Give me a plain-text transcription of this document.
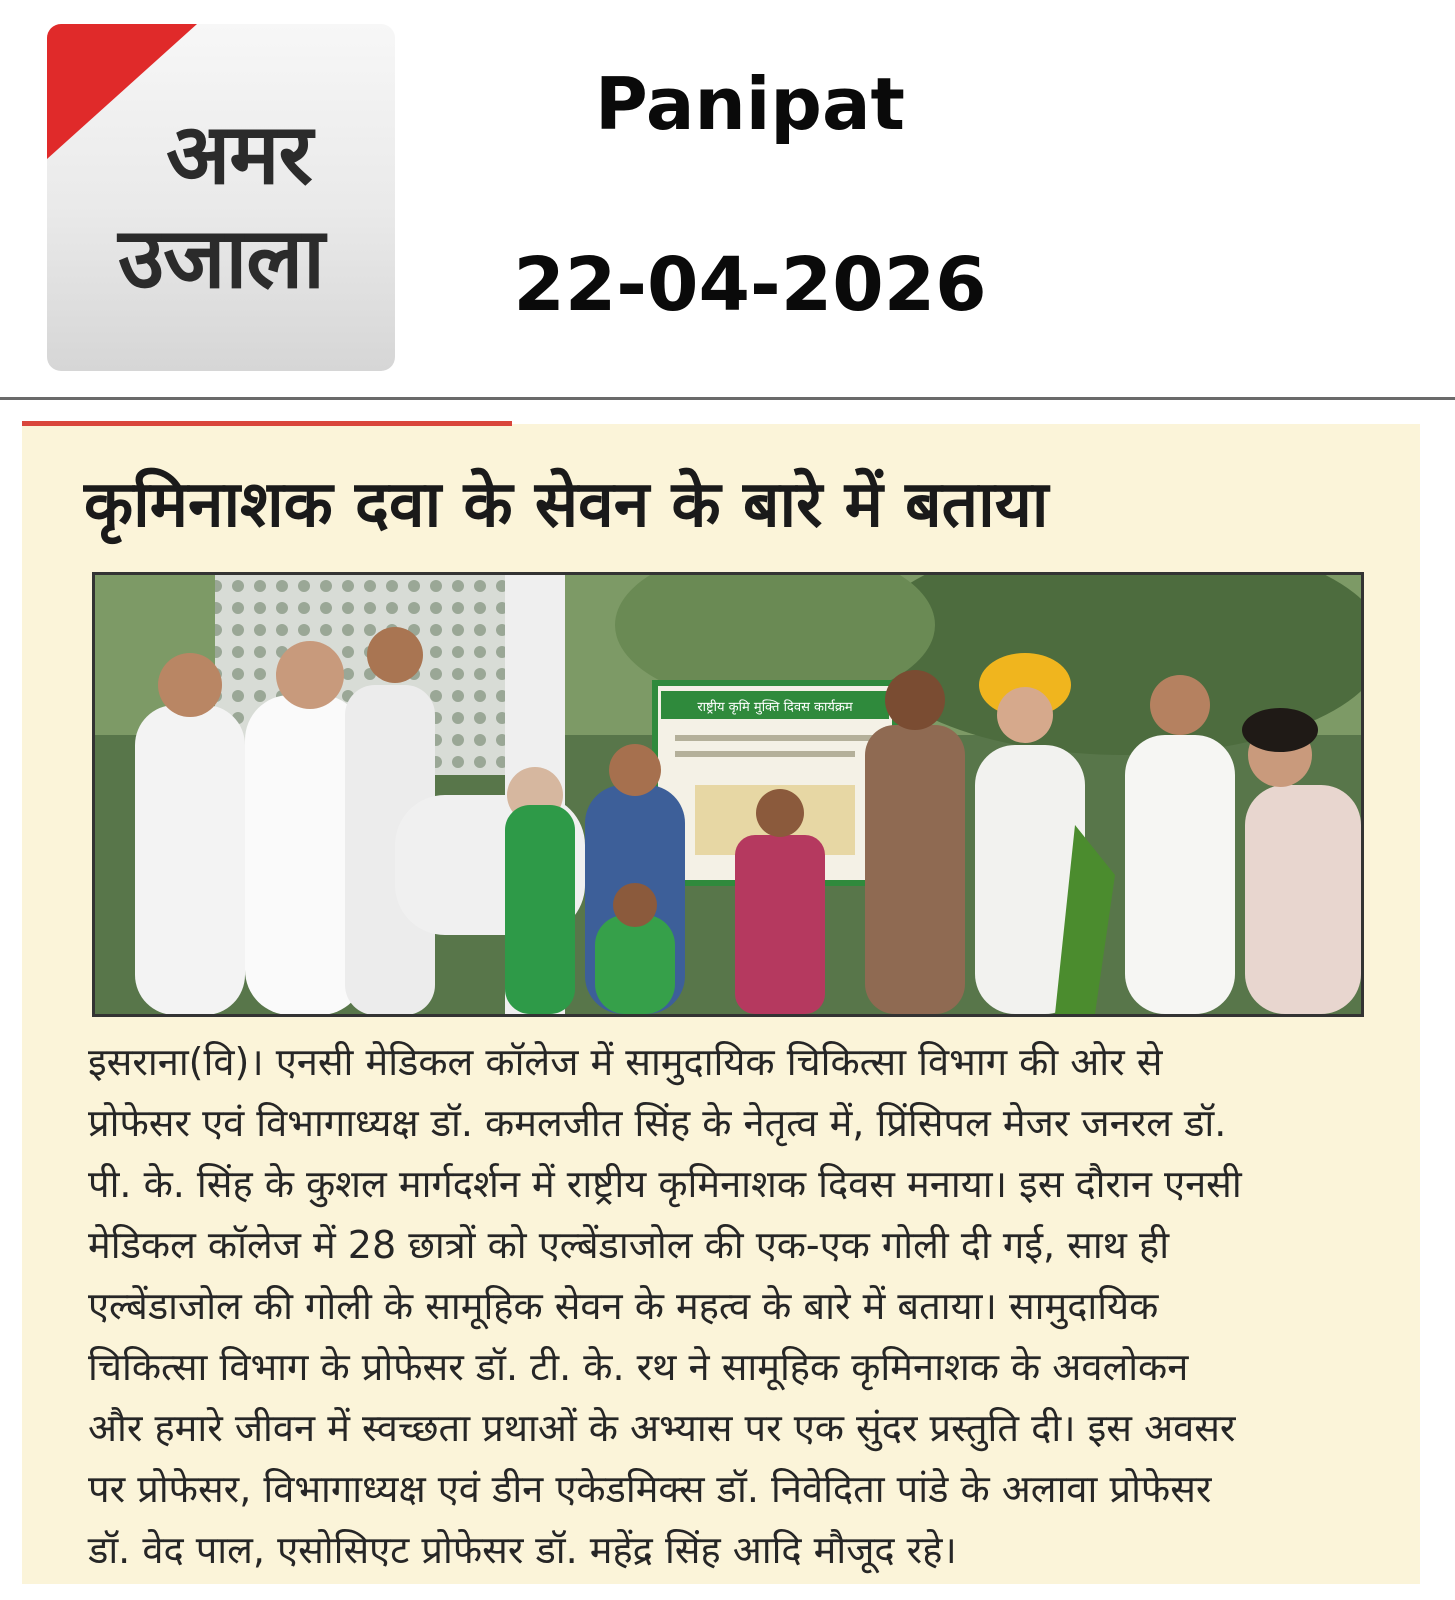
अमर
उजाला
Panipat
22-04-2026
कृमिनाशक दवा के सेवन के बारे में बताया
राष्ट्रीय कृमि मुक्ति दिवस कार्यक्रम
इसराना(वि)। एनसी मेडिकल कॉलेज में सामुदायिक चिकित्सा विभाग की ओर से
प्रोफेसर एवं विभागाध्यक्ष डॉ. कमलजीत सिंह के नेतृत्व में, प्रिंसिपल मेजर जनरल डॉ.
पी. के. सिंह के कुशल मार्गदर्शन में राष्ट्रीय कृमिनाशक दिवस मनाया। इस दौरान एनसी
मेडिकल कॉलेज में 28 छात्रों को एल्बेंडाजोल की एक-एक गोली दी गई, साथ ही
एल्बेंडाजोल की गोली के सामूहिक सेवन के महत्व के बारे में बताया। सामुदायिक
चिकित्सा विभाग के प्रोफेसर डॉ. टी. के. रथ ने सामूहिक कृमिनाशक के अवलोकन
और हमारे जीवन में स्वच्छता प्रथाओं के अभ्यास पर एक सुंदर प्रस्तुति दी। इस अवसर
पर प्रोफेसर, विभागाध्यक्ष एवं डीन एकेडमिक्स डॉ. निवेदिता पांडे के अलावा प्रोफेसर
डॉ. वेद पाल, एसोसिएट प्रोफेसर डॉ. महेंद्र सिंह आदि मौजूद रहे।
